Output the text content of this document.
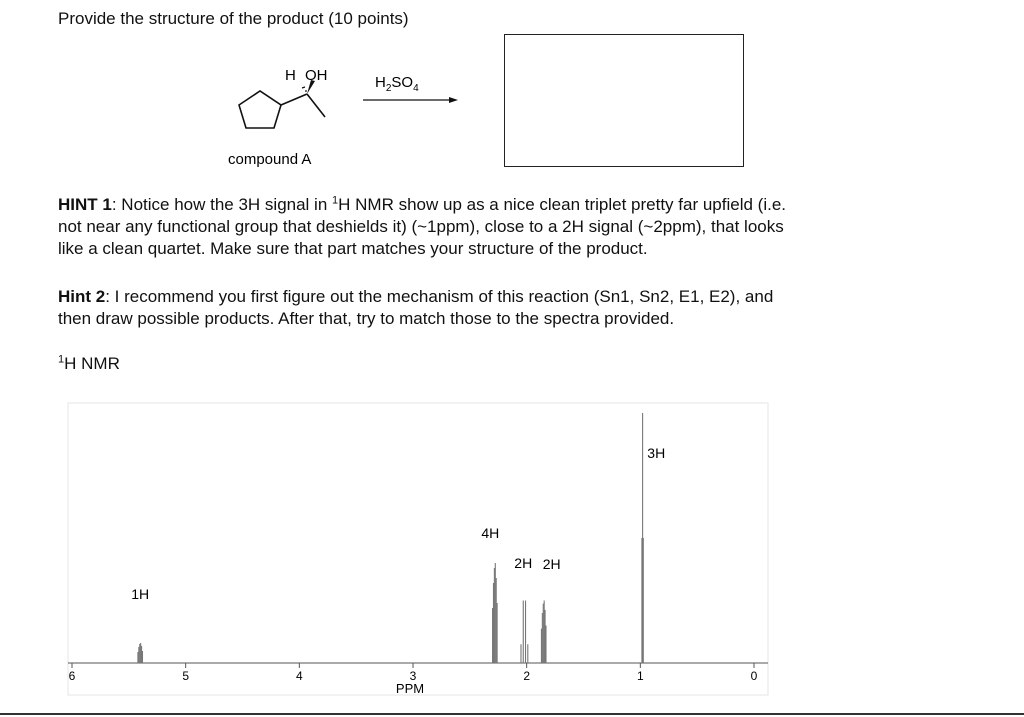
Provide the structure of the product (10 points)
H OH	$H_2SO_4$
compound A
HINT 1: Notice how the 3H signal in $^1$H NMR show up as a nice clean triplet pretty far upfield (i.e.
not near any functional group that deshields it) (~1ppm), close to a 2H signal (~2ppm), that looks
like a clean quartet. Make sure that part matches your structure of the product.
Hint 2: I recommend you first figure out the mechanism of this reaction (Sn1, Sn2, E1, E2), and
then draw possible products. After that, try to match those to the spectra provided.
$^1$H NMR
6	5	4	3	2	1	0
1H
4H
2H 2H
3H
PPM
